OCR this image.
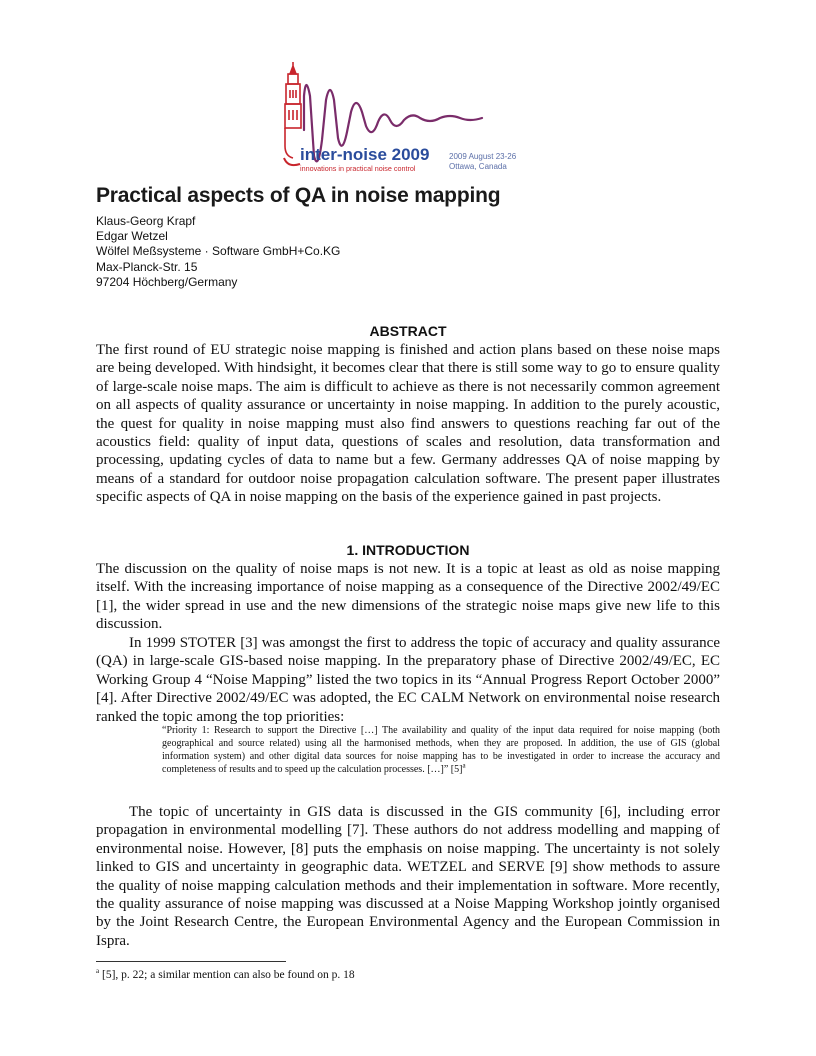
inter-noise 2009
innovations in practical noise control
2009 August 23-26
Ottawa, Canada
Practical aspects of QA in noise mapping
Klaus-Georg Krapf
Edgar Wetzel
Wölfel Meßsysteme · Software GmbH+Co.KG
Max-Planck-Str. 15
97204 Höchberg/Germany
ABSTRACT
The first round of EU strategic noise mapping is finished and action plans based on these noise maps are being developed. With hindsight, it becomes clear that there is still some way to go to ensure quality of large-scale noise maps. The aim is difficult to achieve as there is not necessarily common agreement on all aspects of quality assurance or uncertainty in noise mapping. In addition to the purely acoustic, the quest for quality in noise mapping must also find answers to questions reaching far out of the acoustics field: quality of input data, questions of scales and resolution, data transformation and processing, updating cycles of data to name but a few. Germany addresses QA of noise mapping by means of a standard for outdoor noise propagation calculation software. The present paper illustrates specific aspects of QA in noise mapping on the basis of the experience gained in past projects.
1. INTRODUCTION
The discussion on the quality of noise maps is not new. It is a topic at least as old as noise mapping itself. With the increasing importance of noise mapping as a consequence of the Directive 2002/49/EC [1], the wider spread in use and the new dimensions of the strategic noise maps give new life to this discussion.
In 1999 STOTER [3] was amongst the first to address the topic of accuracy and quality assurance (QA) in large-scale GIS-based noise mapping. In the preparatory phase of Directive 2002/49/EC, EC Working Group 4 “Noise Mapping” listed the two topics in its “Annual Progress Report October 2000” [4]. After Directive 2002/49/EC was adopted, the EC CALM Network on environmental noise research ranked the topic among the top priorities:
“Priority 1: Research to support the Directive […] The availability and quality of the input data required for noise mapping (both geographical and source related) using all the harmonised methods, when they are proposed. In addition, the use of GIS (global information system) and other digital data sources for noise mapping has to be investigated in order to increase the accuracy and completeness of results and to speed up the calculation processes. […]” $[5]^a$
The topic of uncertainty in GIS data is discussed in the GIS community [6], including error propagation in environmental modelling [7]. These authors do not address modelling and mapping of environmental noise. However, [8] puts the emphasis on noise mapping. The uncertainty is not solely linked to GIS and uncertainty in geographic data. WETZEL and SERVE [9] show methods to assure the quality of noise mapping calculation methods and their implementation in software. More recently, the quality assurance of noise mapping was discussed at a Noise Mapping Workshop jointly organised by the Joint Research Centre, the European Environmental Agency and the European Commission in Ispra.
$^a$ [5], p. 22; a similar mention can also be found on p. 18
